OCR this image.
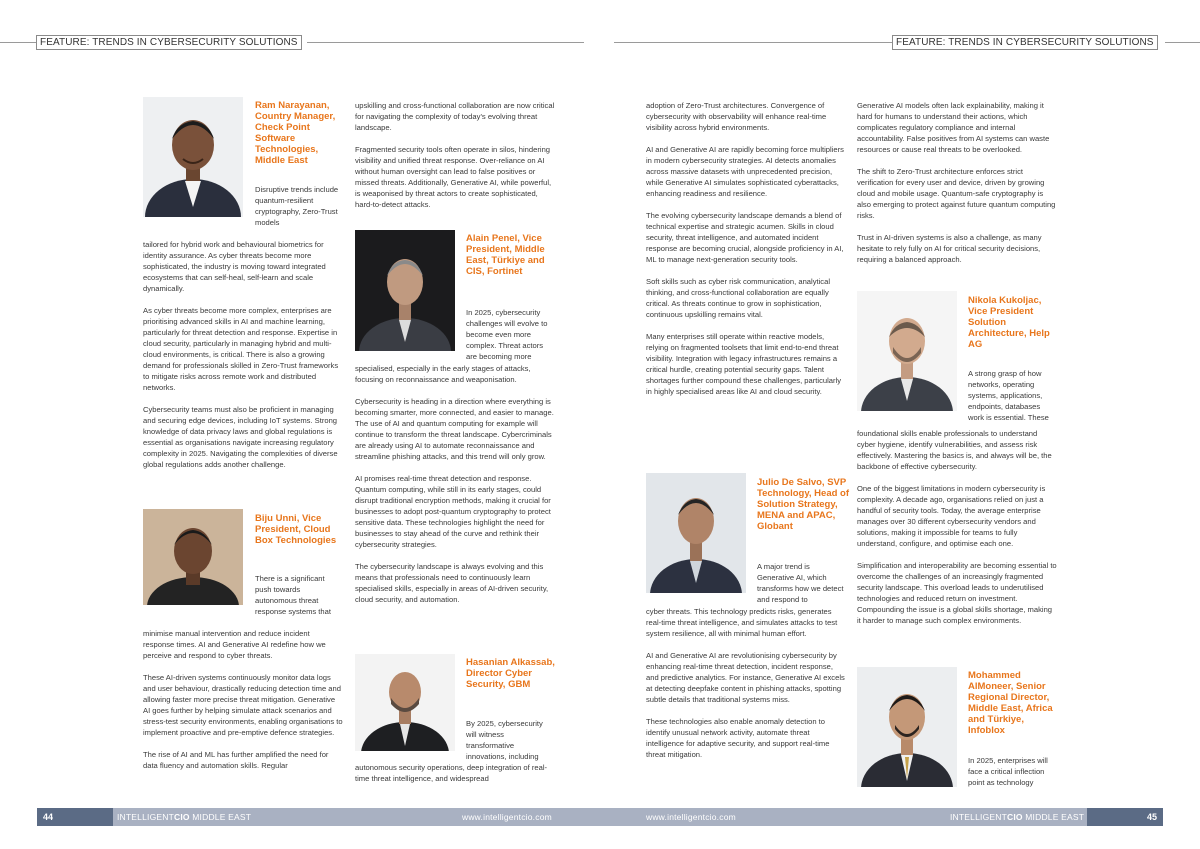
FEATURE: TRENDS IN CYBERSECURITY SOLUTIONS	FEATURE: TRENDS IN CYBERSECURITY SOLUTIONS
Ram Narayanan, Country Manager, Check Point Software Technologies, Middle East

Disruptive trends include quantum-resilient cryptography, Zero-Trust models

tailored for hybrid work and behavioural biometrics for identity assurance. As cyber threats become more sophisticated, the industry is moving toward integrated ecosystems that can self-heal, self-learn and scale dynamically.

As cyber threats become more complex, enterprises are prioritising advanced skills in AI and machine learning, particularly for threat detection and response. Expertise in cloud security, particularly in managing hybrid and multi-cloud environments, is critical. There is also a growing demand for professionals skilled in Zero-Trust frameworks to mitigate risks across remote work and distributed networks.

Cybersecurity teams must also be proficient in managing and securing edge devices, including IoT systems. Strong knowledge of data privacy laws and global regulations is essential as organisations navigate increasing regulatory complexity in 2025. Navigating the complexities of diverse global regulations adds another challenge.

Biju Unni, Vice President, Cloud Box Technologies

There is a significant push towards autonomous threat response systems that

minimise manual intervention and reduce incident response times. AI and Generative AI redefine how we perceive and respond to cyber threats.

These AI-driven systems continuously monitor data logs and user behaviour, drastically reducing detection time and allowing faster more precise threat mitigation. Generative AI goes further by helping simulate attack scenarios and stress-test security environments, enabling organisations to implement proactive and pre-emptive defence strategies.

The rise of AI and ML has further amplified the need for data fluency and automation skills. Regular

upskilling and cross-functional collaboration are now critical for navigating the complexity of today’s evolving threat landscape.

Fragmented security tools often operate in silos, hindering visibility and unified threat response. Over-reliance on AI without human oversight can lead to false positives or missed threats. Additionally, Generative AI, while powerful, is weaponised by threat actors to create sophisticated, hard-to-detect attacks.

Alain Penel, Vice President, Middle East, Türkiye and CIS, Fortinet

In 2025, cybersecurity challenges will evolve to become even more complex. Threat actors are becoming more

specialised, especially in the early stages of attacks, focusing on reconnaissance and weaponisation.

Cybersecurity is heading in a direction where everything is becoming smarter, more connected, and easier to manage. The use of AI and quantum computing for example will continue to transform the threat landscape. Cybercriminals are already using AI to automate reconnaissance and streamline phishing attacks, and this trend will only grow.

AI promises real-time threat detection and response. Quantum computing, while still in its early stages, could disrupt traditional encryption methods, making it crucial for businesses to adopt post-quantum cryptography to protect sensitive data. These technologies highlight the need for businesses to stay ahead of the curve and rethink their cybersecurity strategies.

The cybersecurity landscape is always evolving and this means that professionals need to continuously learn specialised skills, especially in areas of AI-driven security, cloud security, and automation.

Hasanian Alkassab, Director Cyber Security, GBM

By 2025, cybersecurity will witness transformative innovations, including

autonomous security operations, deep integration of real-time threat intelligence, and widespread

adoption of Zero-Trust architectures. Convergence of cybersecurity with observability will enhance real-time visibility across hybrid environments.

AI and Generative AI are rapidly becoming force multipliers in modern cybersecurity strategies. AI detects anomalies across massive datasets with unprecedented precision, while Generative AI simulates sophisticated cyberattacks, enhancing readiness and resilience.

The evolving cybersecurity landscape demands a blend of technical expertise and strategic acumen. Skills in cloud security, threat intelligence, and automated incident response are becoming crucial, alongside proficiency in AI, ML to manage next-generation security tools.

Soft skills such as cyber risk communication, analytical thinking, and cross-functional collaboration are equally critical. As threats continue to grow in sophistication, continuous upskilling remains vital.

Many enterprises still operate within reactive models, relying on fragmented toolsets that limit end-to-end threat visibility. Integration with legacy infrastructures remains a critical hurdle, creating potential security gaps. Talent shortages further compound these challenges, particularly in highly specialised areas like AI and cloud security.

Julio De Salvo, SVP Technology, Head of Solution Strategy, MENA and APAC, Globant

A major trend is Generative AI, which transforms how we detect and respond to

cyber threats. This technology predicts risks, generates real-time threat intelligence, and simulates attacks to test system resilience, all with minimal human effort.

AI and Generative AI are revolutionising cybersecurity by enhancing real-time threat detection, incident response, and predictive analytics. For instance, Generative AI excels at detecting deepfake content in phishing attacks, spotting subtle details that traditional systems miss.

These technologies also enable anomaly detection to identify unusual network activity, automate threat intelligence for adaptive security, and support real-time threat mitigation.

Generative AI models often lack explainability, making it hard for humans to understand their actions, which complicates regulatory compliance and internal accountability. False positives from AI systems can waste resources or cause real threats to be overlooked.

The shift to Zero-Trust architecture enforces strict verification for every user and device, driven by growing cloud and mobile usage. Quantum-safe cryptography is also emerging to protect against future quantum computing risks.

Trust in AI-driven systems is also a challenge, as many hesitate to rely fully on AI for critical security decisions, requiring a balanced approach.

Nikola Kukoljac, Vice President Solution Architecture, Help AG

A strong grasp of how networks, operating systems, applications, endpoints, databases work is essential. These

foundational skills enable professionals to understand cyber hygiene, identify vulnerabilities, and assess risk effectively. Mastering the basics is, and always will be, the backbone of effective cybersecurity.

One of the biggest limitations in modern cybersecurity is complexity. A decade ago, organisations relied on just a handful of security tools. Today, the average enterprise manages over 30 different cybersecurity vendors and solutions, making it impossible for teams to fully understand, configure, and optimise each one.

Simplification and interoperability are becoming essential to overcome the challenges of an increasingly fragmented security landscape. This overload leads to underutilised technologies and reduced return on investment. Compounding the issue is a global skills shortage, making it harder to manage such complex environments.

Mohammed AlMoneer, Senior Regional Director, Middle East, Africa and Türkiye, Infoblox

In 2025, enterprises will face a critical inflection point as technology

44	INTELLIGENTCIO MIDDLE EAST	www.intelligentcio.com	www.intelligentcio.com	INTELLIGENTCIO MIDDLE EAST	45
